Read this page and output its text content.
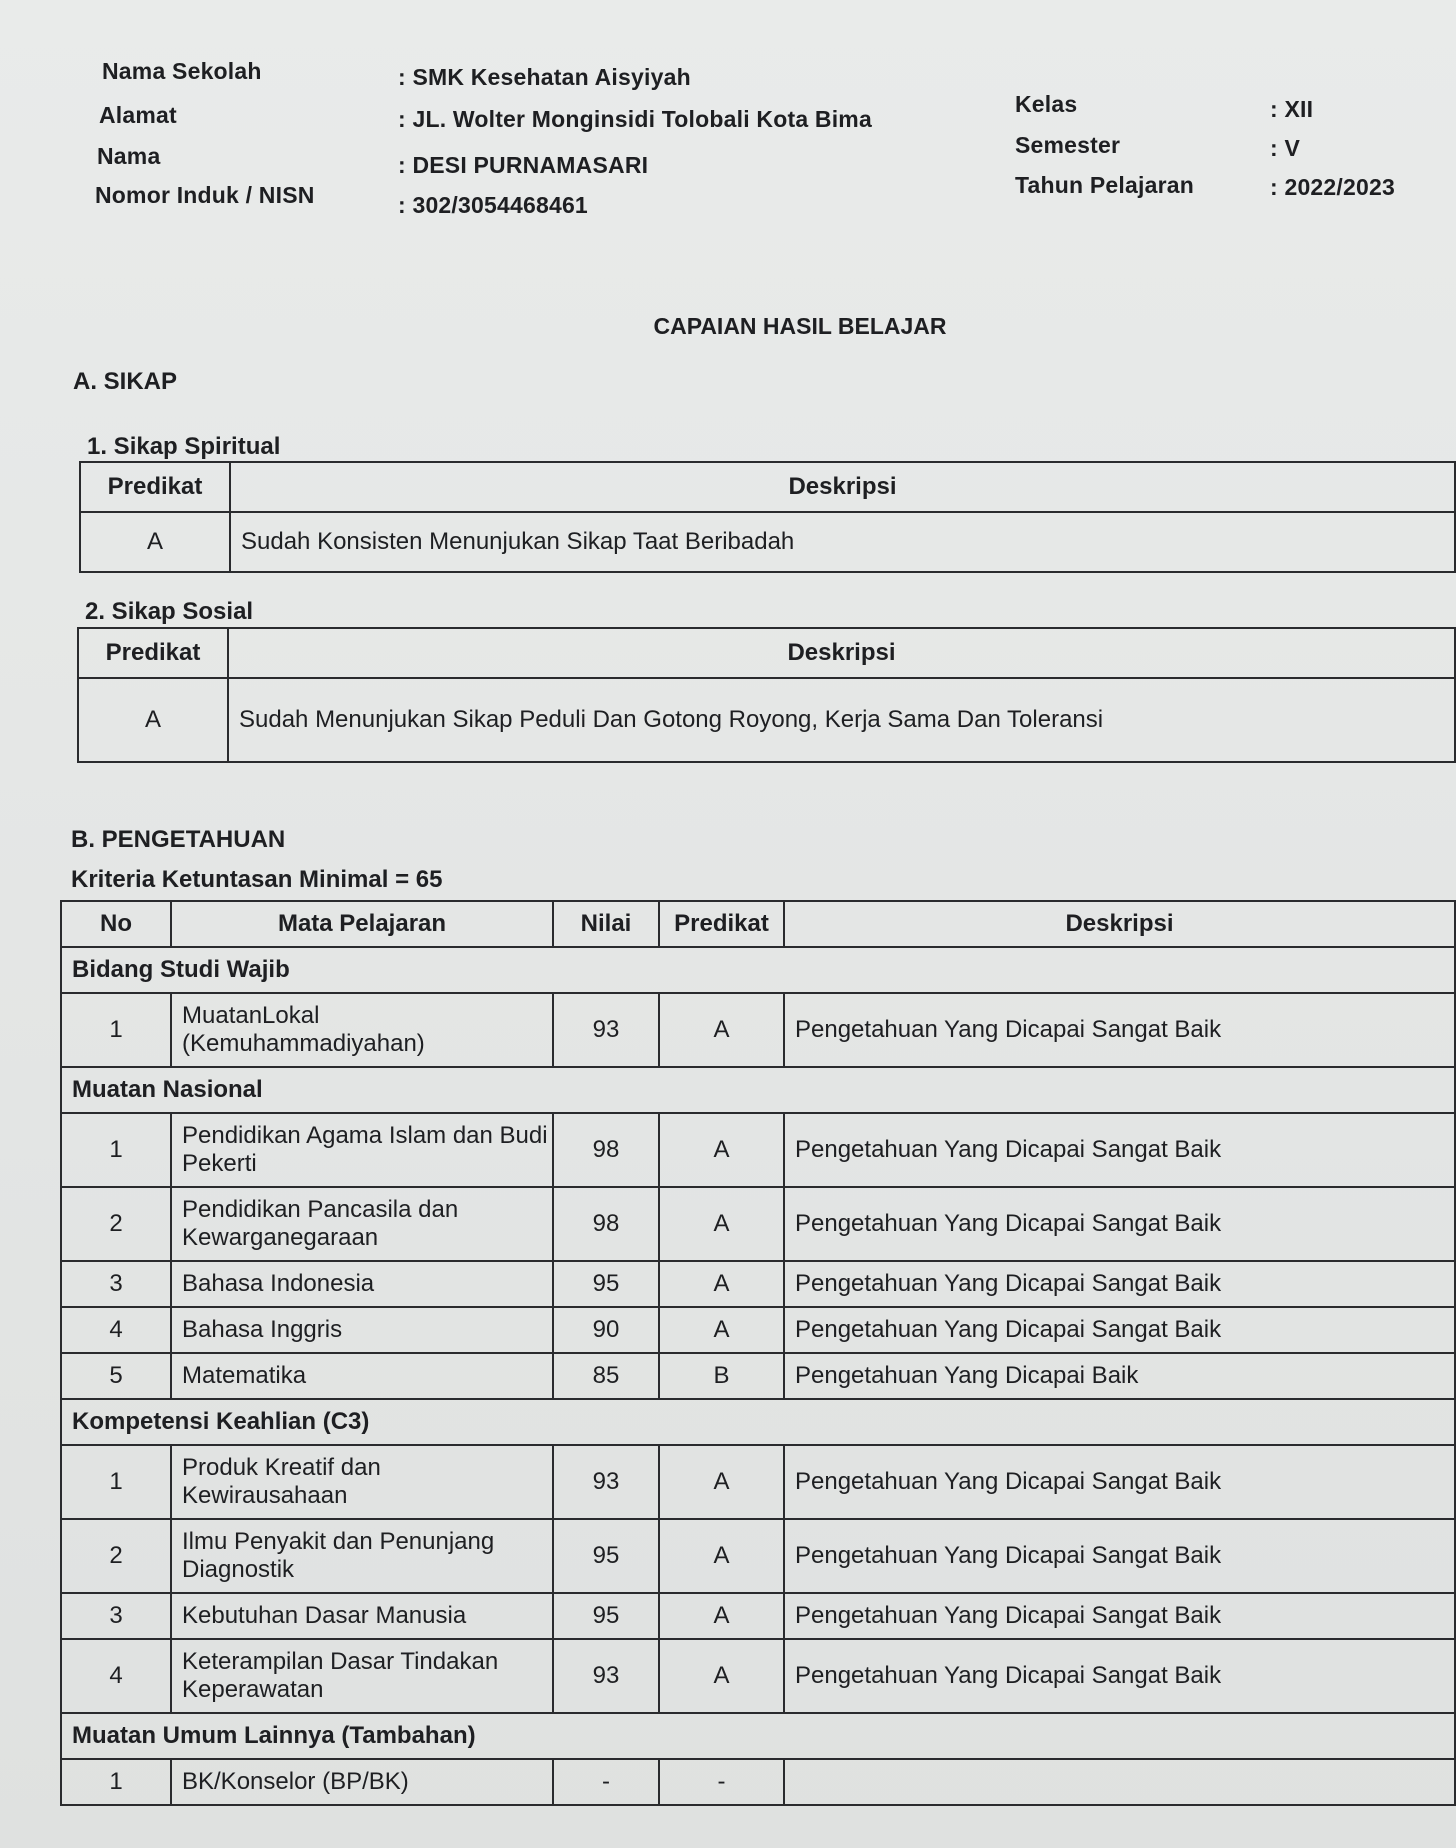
Nama Sekolah	: SMK Kesehatan Aisyiyah
Alamat	: JL. Wolter Monginsidi Tolobali Kota Bima
Nama	: DESI PURNAMASARI
Nomor Induk / NISN	: 302/3054468461
Kelas	: XII
Semester	: V
Tahun Pelajaran	: 2022/2023
CAPAIAN HASIL BELAJAR
A. SIKAP
1. Sikap Spiritual
Predikat	Deskripsi
A	Sudah Konsisten Menunjukan Sikap Taat Beribadah
2. Sikap Sosial
Predikat	Deskripsi
A	Sudah Menunjukan Sikap Peduli Dan Gotong Royong, Kerja Sama Dan Toleransi
B. PENGETAHUAN
Kriteria Ketuntasan Minimal = 65
No	Mata Pelajaran	Nilai	Predikat	Deskripsi
Bidang Studi Wajib				
1	MuatanLokal (Kemuhammadiyahan)	93	A	Pengetahuan Yang Dicapai Sangat Baik
Muatan Nasional				
1	Pendidikan Agama Islam dan Budi Pekerti	98	A	Pengetahuan Yang Dicapai Sangat Baik
2	Pendidikan Pancasila dan Kewarganegaraan	98	A	Pengetahuan Yang Dicapai Sangat Baik
3	Bahasa Indonesia	95	A	Pengetahuan Yang Dicapai Sangat Baik
4	Bahasa Inggris	90	A	Pengetahuan Yang Dicapai Sangat Baik
5	Matematika	85	B	Pengetahuan Yang Dicapai Baik
Kompetensi Keahlian (C3)				
1	Produk Kreatif dan Kewirausahaan	93	A	Pengetahuan Yang Dicapai Sangat Baik
2	Ilmu Penyakit dan Penunjang Diagnostik	95	A	Pengetahuan Yang Dicapai Sangat Baik
3	Kebutuhan Dasar Manusia	95	A	Pengetahuan Yang Dicapai Sangat Baik
4	Keterampilan Dasar Tindakan Keperawatan	93	A	Pengetahuan Yang Dicapai Sangat Baik
Muatan Umum Lainnya (Tambahan)				
1	BK/Konselor (BP/BK)	-	-	
